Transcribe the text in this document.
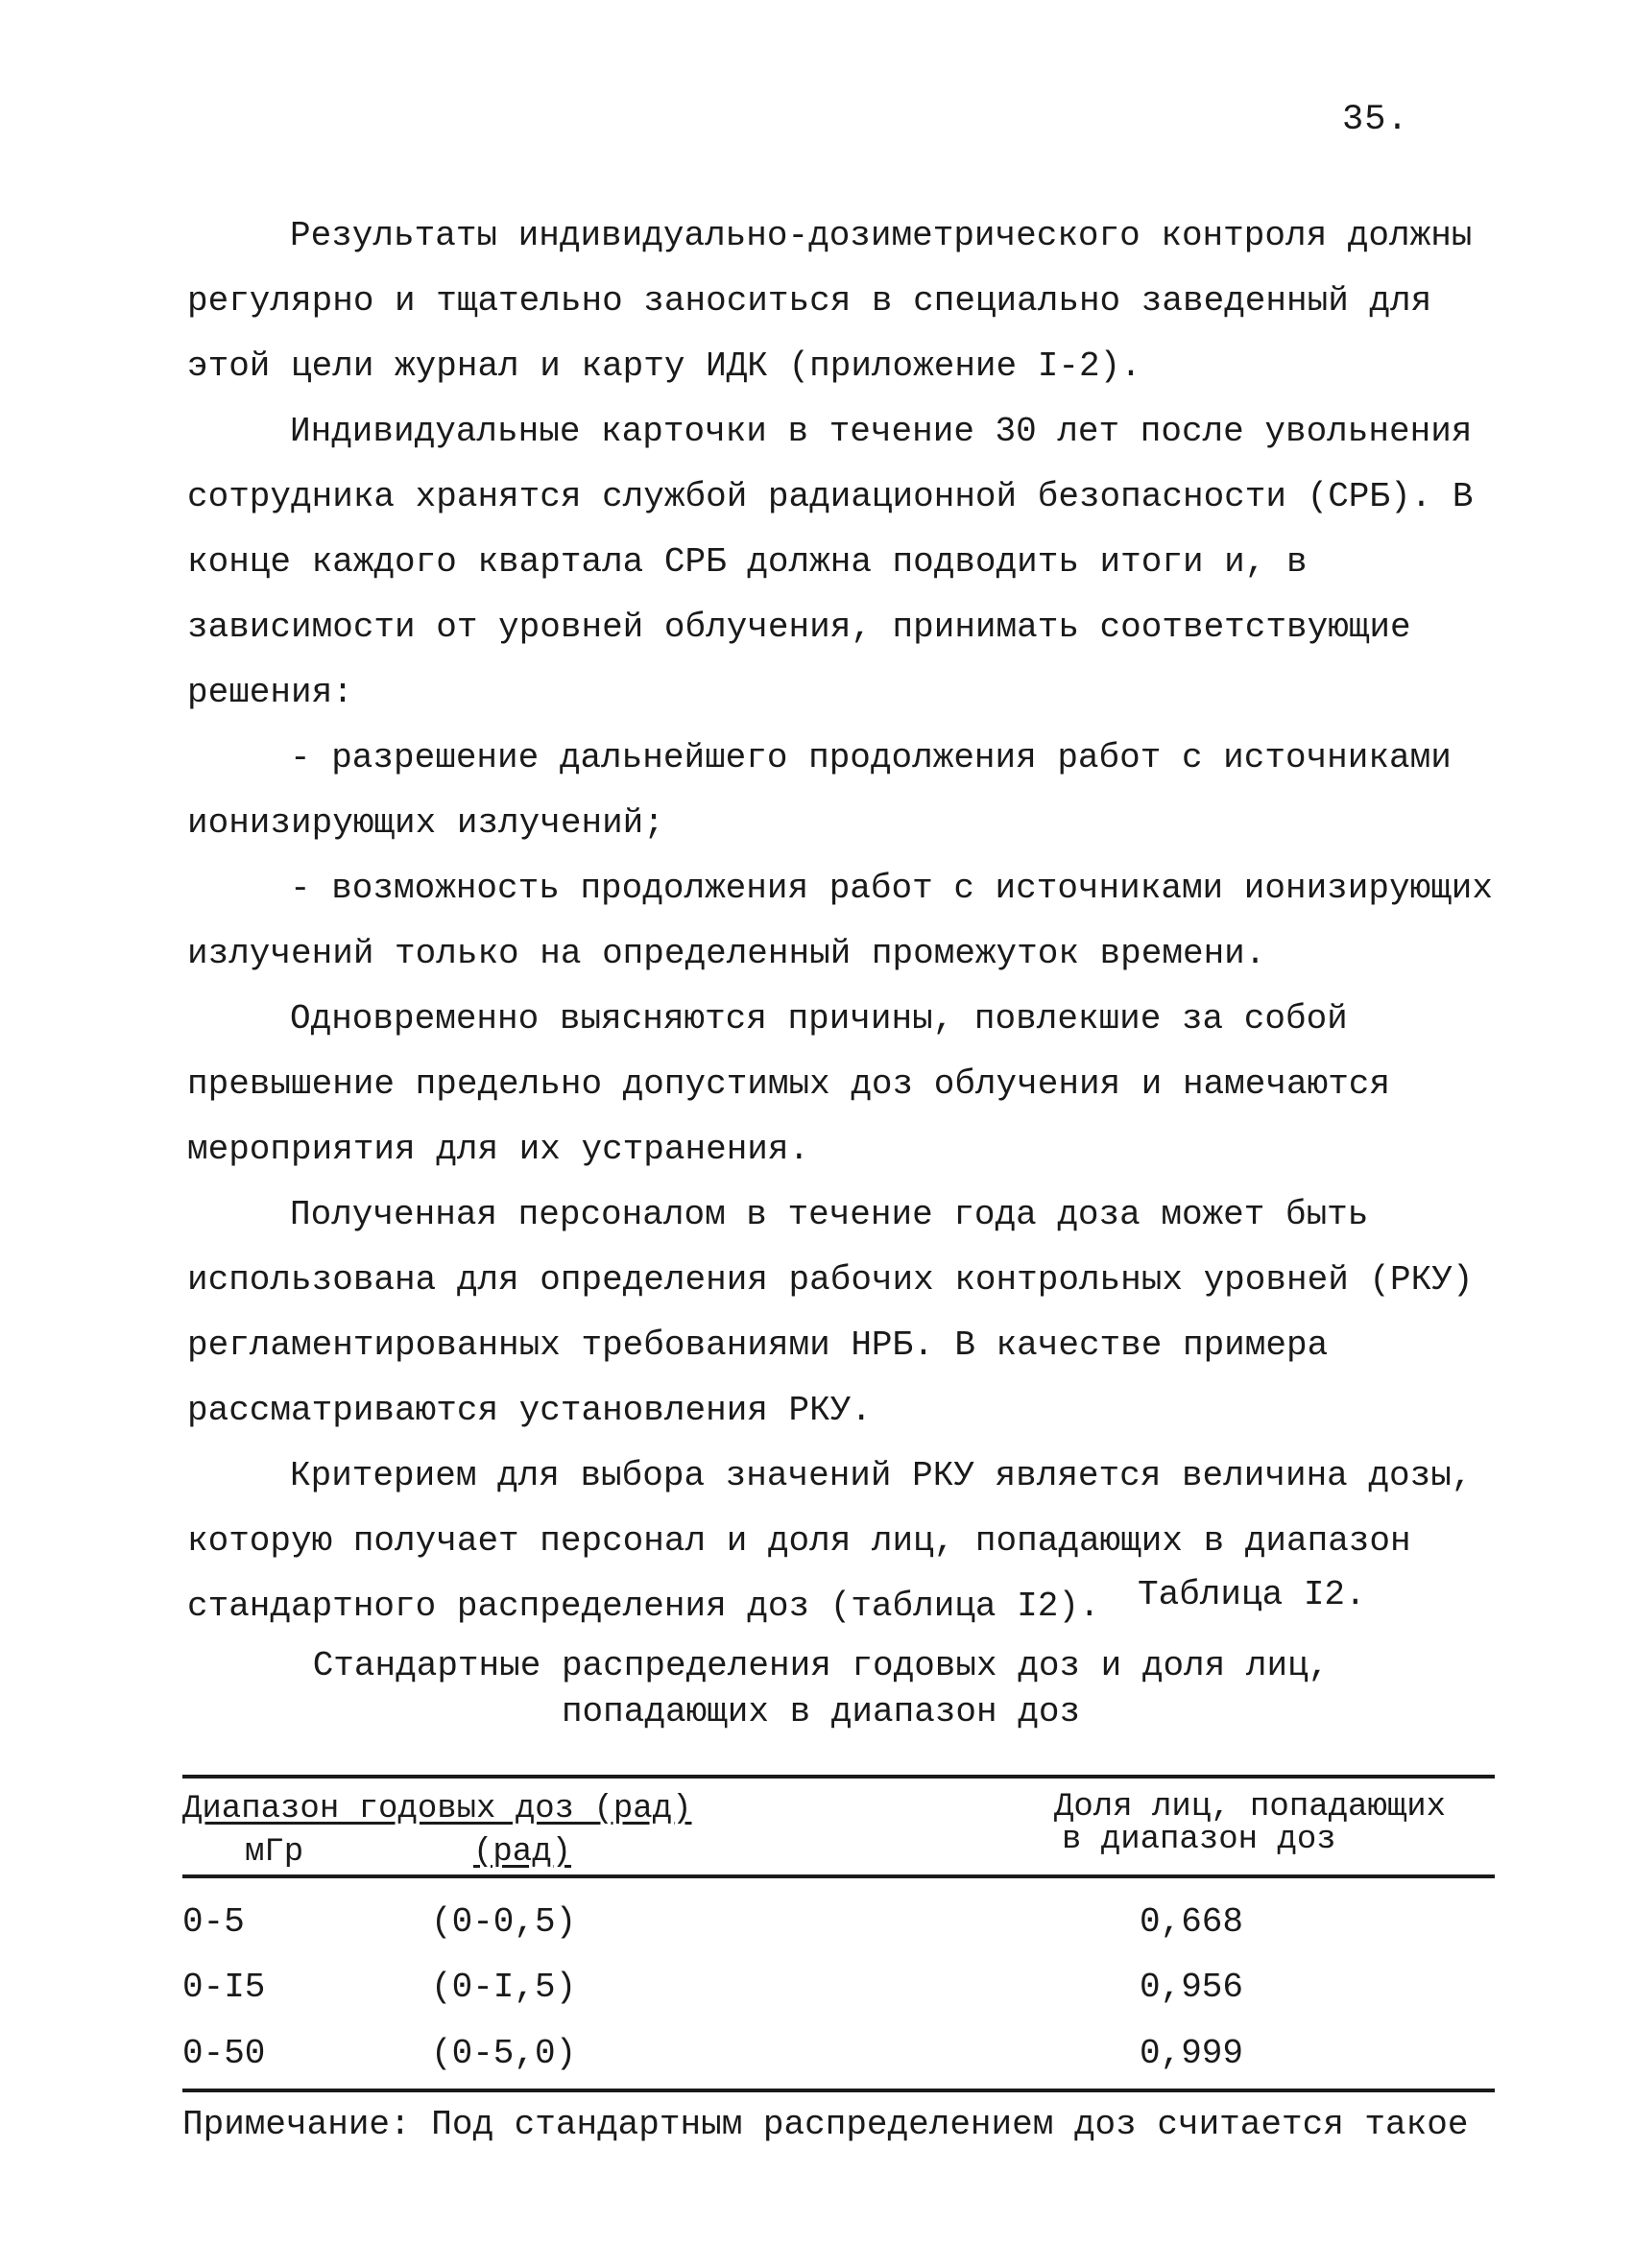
35.

Результаты индивидуально-дозиметрического контроля должны регулярно и тщательно заноситься в специально заведенный для этой цели журнал и карту ИДК (приложение I-2).

Индивидуальные карточки в течение 30 лет после увольнения сотрудника хранятся службой радиационной безопасности (СРБ). В конце каждого квартала СРБ должна подводить итоги и, в зависимости от уровней облучения, принимать соответствующие решения:

- разрешение дальнейшего продолжения работ с источниками ионизирующих излучений;

- возможность продолжения работ с источниками ионизирующих излучений только на определенный промежуток времени.

Одновременно выясняются причины, повлекшие за собой превышение предельно допустимых доз облучения и намечаются мероприятия для их устранения.

Полученная персоналом в течение года доза может быть использована для определения рабочих контрольных уровней (РКУ) регламентированных требованиями НРБ. В качестве примера рассматриваются установления РКУ.

Критерием для выбора значений РКУ является величина дозы, которую получает персонал и доля лиц, попадающих в диапазон стандартного распределения доз (таблица I2).	Таблица I2.
Стандартные распределения годовых доз и доля лиц,
попадающих в диапазон доз
Диапазон годовых доз (рад)
мГр	(рад)
Доля лиц, попадающих
в диапазон доз
0-5	(0-0,5)	0,668
0-I5	(0-I,5)	0,956
0-50	(0-5,0)	0,999
Примечание: Под стандартным распределением доз считается такое
